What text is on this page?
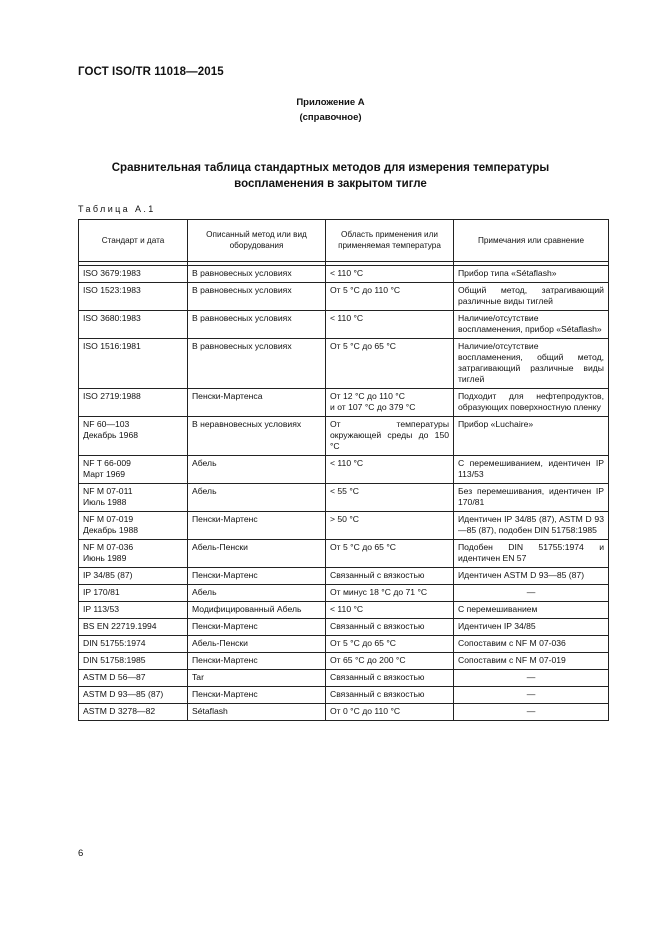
ГОСТ ISO/TR 11018—2015
Приложение А
(справочное)
Сравнительная таблица стандартных методов для измерения температуры
воспламенения в закрытом тигле
Таблица А.1
Стандарт и дата	Описанный метод или вид оборудования	Область применения или применяемая температура	Примечания или сравнение

ISO 3679:1983	В равновесных условиях	< 110 °C	Прибор типа «Sétaflash»

ISO 1523:1983	В равновесных условиях	От 5 °C до 110 °C	Общий метод, затрагивающий различные виды тиглей

ISO 3680:1983	В равновесных условиях	< 110 °C	Наличие/отсутствие воспламенения, прибор «Sétaflash»

ISO 1516:1981	В равновесных условиях	От 5 °C до 65 °C	Наличие/отсутствие воспламенения, общий метод, затрагивающий различные виды тиглей

ISO 2719:1988	Пенски-Мартенса	От 12 °C до 110 °C
и от 107 °C до 379 °C	Подходит для нефтепродуктов, образующих поверхностную пленку

NF 60—103
Декабрь 1968	В неравновесных условиях	От температуры окружающей среды до 150 °C	Прибор «Luchaire»

NF T 66-009
Март 1969	Абель	< 110 °C	С перемешиванием, идентичен IP 113/53

NF M 07-011
Июль 1988	Абель	< 55 °C	Без перемешивания, идентичен IP 170/81

NF M 07-019
Декабрь 1988	Пенски-Мартенс	> 50 °C	Идентичен IP 34/85 (87), ASTM D 93—85 (87), подобен DIN 51758:1985

NF M 07-036
Июнь 1989	Абель-Пенски	От 5 °C до 65 °C	Подобен DIN 51755:1974 и идентичен EN 57

IP 34/85 (87)	Пенски-Мартенс	Связанный с вязкостью	Идентичен ASTM D 93—85 (87)

IP 170/81	Абель	От минус 18 °C до 71 °C	—

IP 113/53	Модифицированный Абель	< 110 °C	С перемешиванием

BS EN 22719.1994	Пенски-Мартенс	Связанный с вязкостью	Идентичен IP 34/85

DIN 51755:1974	Абель-Пенски	От 5 °C до 65 °C	Сопоставим с NF M 07-036

DIN 51758:1985	Пенски-Мартенс	От 65 °C до 200 °C	Сопоставим с NF M 07-019

ASTM D 56—87	Tar	Связанный с вязкостью	—

ASTM D 93—85 (87)	Пенски-Мартенс	Связанный с вязкостью	—

ASTM D 3278—82	Sétaflash	От 0 °C до 110 °C	—
6
